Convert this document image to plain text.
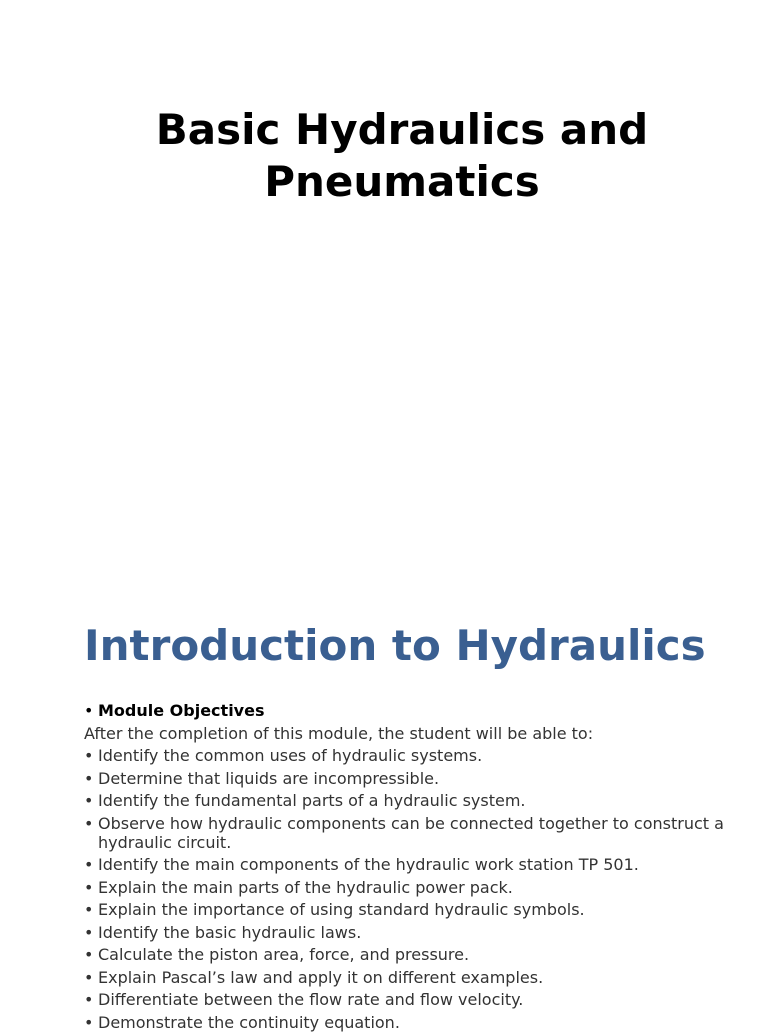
Basic Hydraulics and Pneumatics
Introduction to Hydraulics
• Module Objectives
After the completion of this module, the student will be able to:
• Identify the common uses of hydraulic systems.
• Determine that liquids are incompressible.
• Identify the fundamental parts of a hydraulic system.
• Observe how hydraulic components can be connected together to construct a hydraulic circuit.
• Identify the main components of the hydraulic work station TP 501.
• Explain the main parts of the hydraulic power pack.
• Explain the importance of using standard hydraulic symbols.
• Identify the basic hydraulic laws.
• Calculate the piston area, force, and pressure.
• Explain Pascal’s law and apply it on different examples.
• Differentiate between the flow rate and flow velocity.
• Demonstrate the continuity equation.
